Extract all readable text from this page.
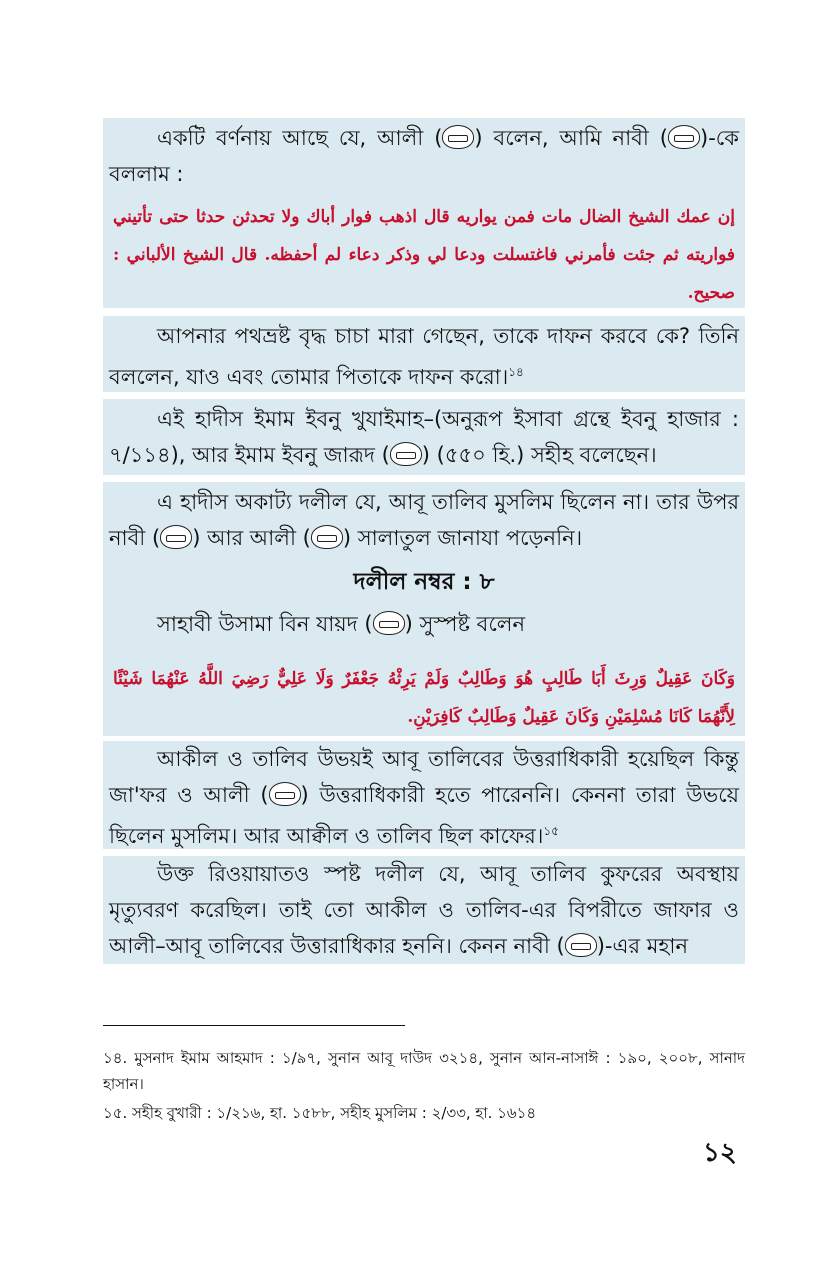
একটি বর্ণনায় আছে যে, আলী ( ) বলেন, আমি নাবী ( )-কে বললাম :

إن عمك الشيخ الضال مات فمن يواريه قال اذهب فوار أباك ولا تحدثن حدثا حتى تأتيني فواريته ثم جئت فأمرني فاغتسلت ودعا لي وذكر دعاء لم أحفظه. قال الشيخ الألباني : صحيح.

আপনার পথভ্রষ্ট বৃদ্ধ চাচা মারা গেছেন, তাকে দাফন করবে কে? তিনি বললেন, যাও এবং তোমার পিতাকে দাফন করো।$^{১৪}$

এই হাদীস ইমাম ইবনু খুযাইমাহ–(অনুরূপ ইসাবা গ্রন্থে ইবনু হাজার : ৭/১১৪), আর ইমাম ইবনু জারূদ ( ) (৫৫০ হি.) সহীহ বলেছেন।

এ হাদীস অকাট্য দলীল যে, আবূ তালিব মুসলিম ছিলেন না। তার উপর নাবী ( ) আর আলী ( ) সালাতুল জানাযা পড়েননি।

দলীল নম্বর : ৮

সাহাবী উসামা বিন যায়দ ( ) সুস্পষ্ট বলেন

وَكَانَ عَقِيلٌ وَرِثَ أَبَا طَالِبٍ هُوَ وَطَالِبٌ وَلَمْ يَرِثْهُ جَعْفَرٌ وَلَا عَلِيٌّ رَضِيَ اللَّهُ عَنْهُمَا شَيْئًا لِأَنَّهُمَا كَانَا مُسْلِمَيْنِ وَكَانَ عَقِيلٌ وَطَالِبٌ كَافِرَيْنِ.

আকীল ও তালিব উভয়ই আবূ তালিবের উত্তরাধিকারী হয়েছিল কিন্তু জা'ফর ও আলী ( ) উত্তরাধিকারী হতে পারেননি। কেননা তারা উভয়ে ছিলেন মুসলিম। আর আক্বীল ও তালিব ছিল কাফের।$^{১৫}$

উক্ত রিওয়ায়াতও স্পষ্ট দলীল যে, আবূ তালিব কুফরের অবস্থায় মৃত্যুবরণ করেছিল। তাই তো আকীল ও তালিব-এর বিপরীতে জাফার ও আলী–আবূ তালিবের উত্তারাধিকার হননি। কেনন নাবী ( )-এর মহান

১৪. মুসনাদ ইমাম আহমাদ : ১/৯৭, সুনান আবূ দাউদ ৩২১৪, সুনান আন-নাসাঈ : ১৯০, ২০০৮, সানাদ হাসান।

১৫. সহীহ বুখারী : ১/২১৬, হা. ১৫৮৮, সহীহ মুসলিম : ২/৩৩, হা. ১৬১৪

১২
